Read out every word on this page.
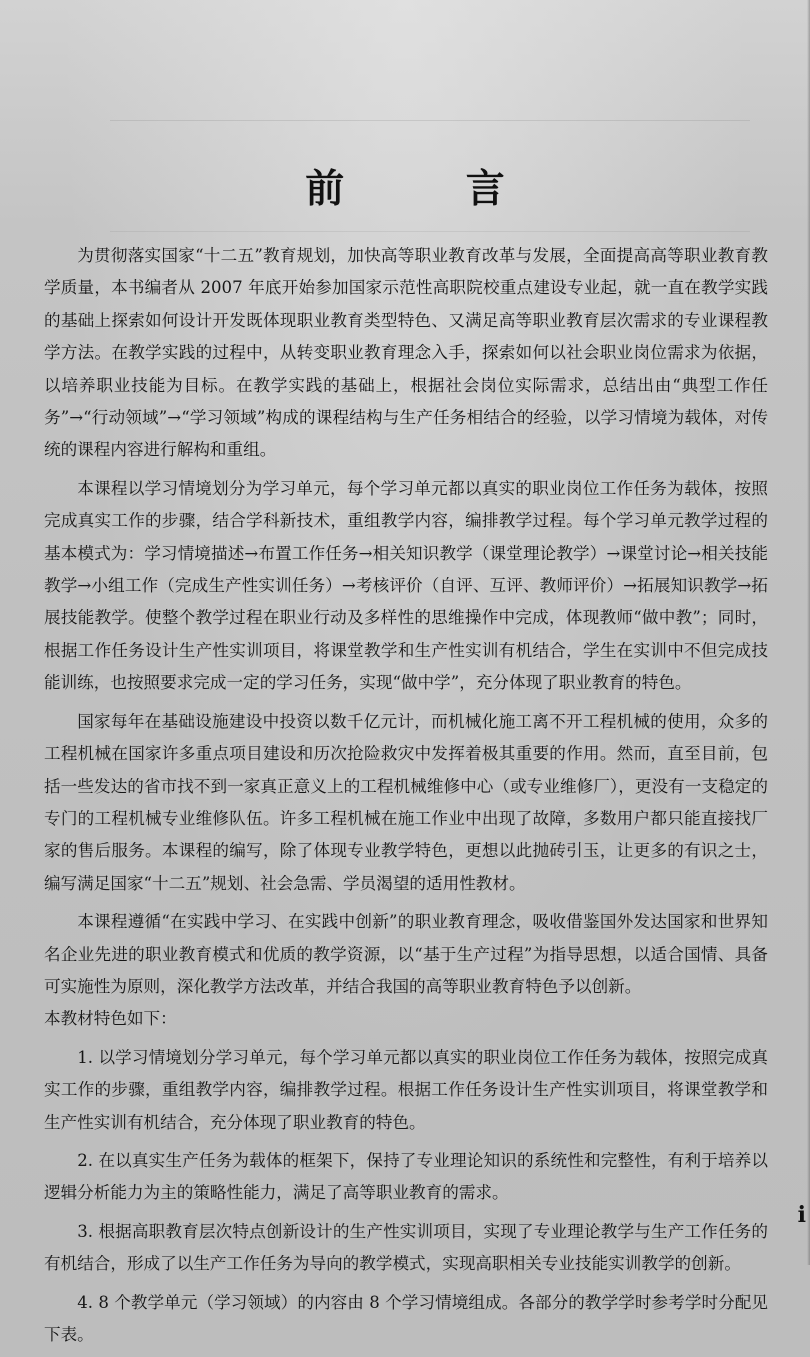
前 言

为贯彻落实国家“十二五”教育规划，加快高等职业教育改革与发展，全面提高高等职业教育教学质量，本书编者从 2007 年底开始参加国家示范性高职院校重点建设专业起，就一直在教学实践的基础上探索如何设计开发既体现职业教育类型特色、又满足高等职业教育层次需求的专业课程教学方法。在教学实践的过程中，从转变职业教育理念入手，探索如何以社会职业岗位需求为依据，以培养职业技能为目标。在教学实践的基础上，根据社会岗位实际需求，总结出由“典型工作任务”→“行动领域”→“学习领域”构成的课程结构与生产任务相结合的经验，以学习情境为载体，对传统的课程内容进行解构和重组。

本课程以学习情境划分为学习单元，每个学习单元都以真实的职业岗位工作任务为载体，按照完成真实工作的步骤，结合学科新技术，重组教学内容，编排教学过程。每个学习单元教学过程的基本模式为：学习情境描述→布置工作任务→相关知识教学（课堂理论教学）→课堂讨论→相关技能教学→小组工作（完成生产性实训任务）→考核评价（自评、互评、教师评价）→拓展知识教学→拓展技能教学。使整个教学过程在职业行动及多样性的思维操作中完成，体现教师“做中教”；同时，根据工作任务设计生产性实训项目，将课堂教学和生产性实训有机结合，学生在实训中不但完成技能训练，也按照要求完成一定的学习任务，实现“做中学”，充分体现了职业教育的特色。

国家每年在基础设施建设中投资以数千亿元计，而机械化施工离不开工程机械的使用，众多的工程机械在国家许多重点项目建设和历次抢险救灾中发挥着极其重要的作用。然而，直至目前，包括一些发达的省市找不到一家真正意义上的工程机械维修中心（或专业维修厂），更没有一支稳定的专门的工程机械专业维修队伍。许多工程机械在施工作业中出现了故障，多数用户都只能直接找厂家的售后服务。本课程的编写，除了体现专业教学特色，更想以此抛砖引玉，让更多的有识之士，编写满足国家“十二五”规划、社会急需、学员渴望的适用性教材。

本课程遵循“在实践中学习、在实践中创新”的职业教育理念，吸收借鉴国外发达国家和世界知名企业先进的职业教育模式和优质的教学资源，以“基于生产过程”为指导思想，以适合国情、具备可实施性为原则，深化教学方法改革，并结合我国的高等职业教育特色予以创新。

本教材特色如下：

1. 以学习情境划分学习单元，每个学习单元都以真实的职业岗位工作任务为载体，按照完成真实工作的步骤，重组教学内容，编排教学过程。根据工作任务设计生产性实训项目，将课堂教学和生产性实训有机结合，充分体现了职业教育的特色。

2. 在以真实生产任务为载体的框架下，保持了专业理论知识的系统性和完整性，有利于培养以逻辑分析能力为主的策略性能力，满足了高等职业教育的需求。

3. 根据高职教育层次特点创新设计的生产性实训项目，实现了专业理论教学与生产工作任务的有机结合，形成了以生产工作任务为导向的教学模式，实现高职相关专业技能实训教学的创新。

4. 8 个教学单元（学习领域）的内容由 8 个学习情境组成。各部分的教学学时参考学时分配见下表。

i
